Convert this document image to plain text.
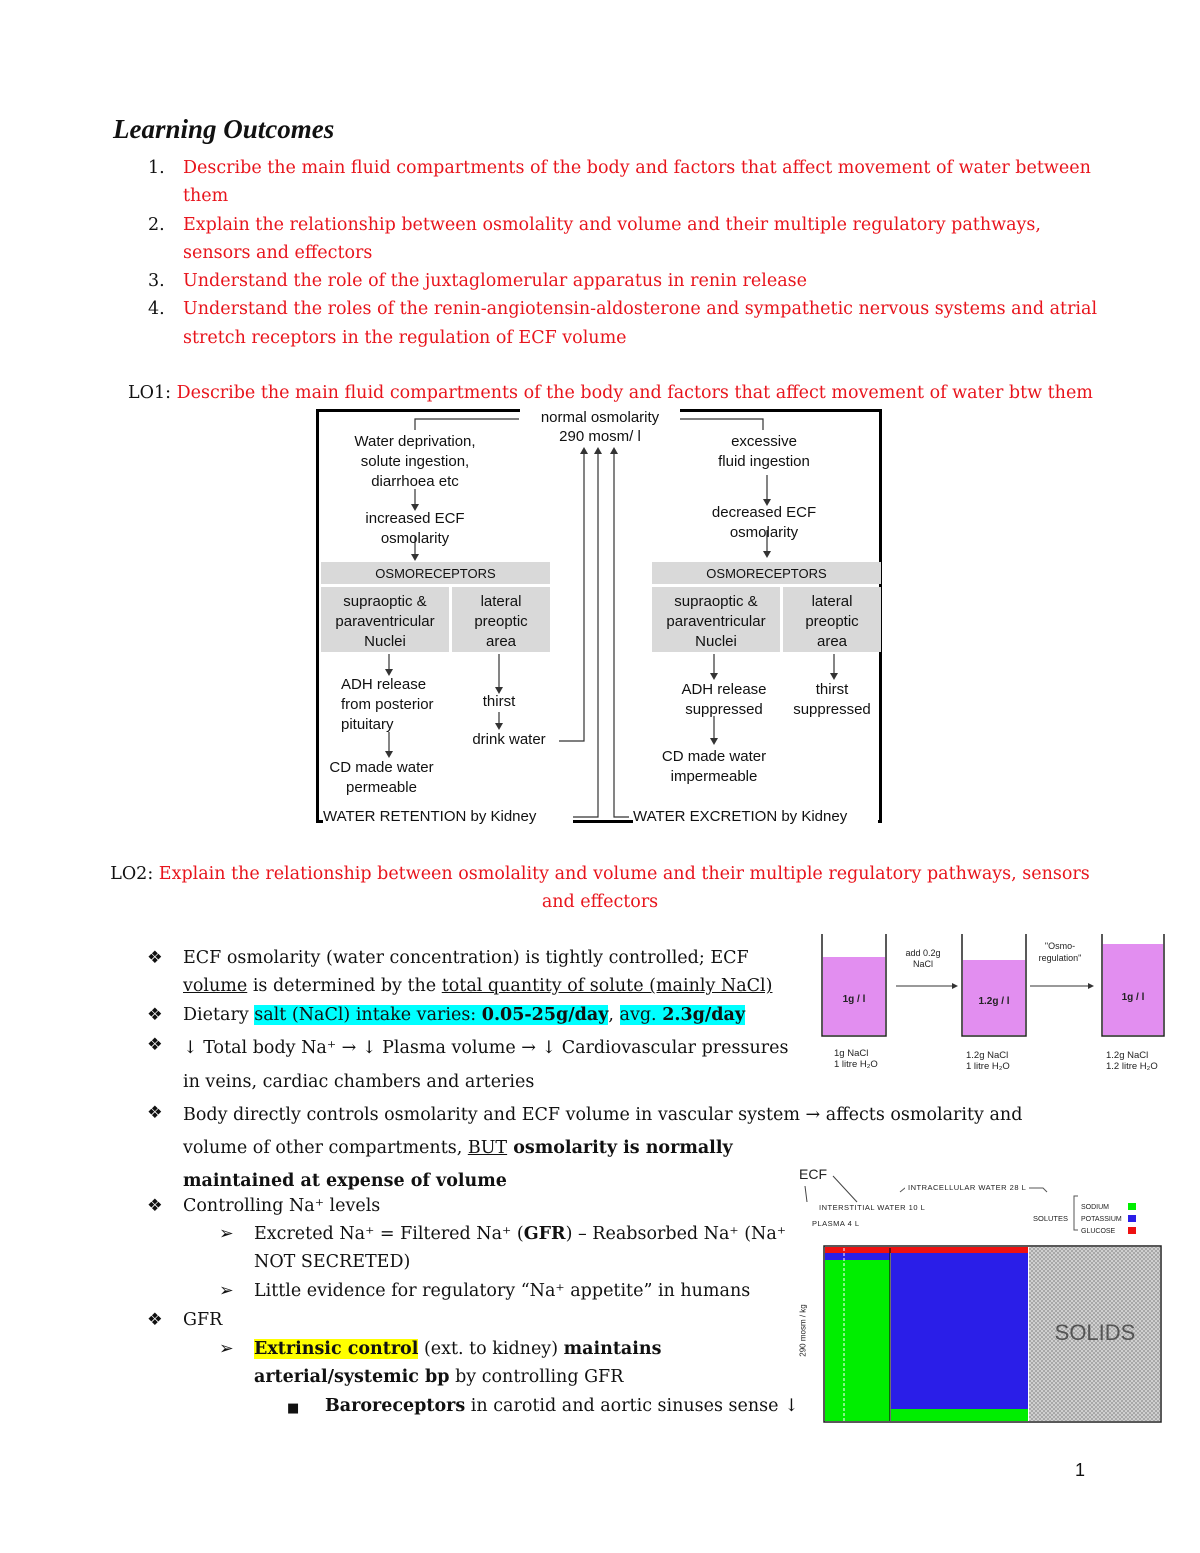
Learning Outcomes
1. Describe the main fluid compartments of the body and factors that affect movement of water between them
2. Explain the relationship between osmolality and volume and their multiple regulatory pathways, sensors and effectors
3. Understand the role of the juxtaglomerular apparatus in renin release
4. Understand the roles of the renin-angiotensin-aldosterone and sympathetic nervous systems and atrial stretch receptors in the regulation of ECF volume
LO1: Describe the main fluid compartments of the body and factors that affect movement of water btw them
normal osmolarity
290 mosm/ l
Water deprivation,
solute ingestion,
diarrhoea etc
increased ECF
osmolarity
OSMORECEPTORS
supraoptic &
paraventricular
Nuclei
lateral
preoptic
area
ADH release
from posterior
pituitary
thirst
drink water
CD made water
permeable
WATER RETENTION by Kidney
excessive
fluid ingestion
decreased ECF
osmolarity
OSMORECEPTORS
supraoptic &
paraventricular
Nuclei
lateral
preoptic
area
ADH release
suppressed
thirst
suppressed
CD made water
impermeable
WATER EXCRETION by Kidney
LO2: Explain the relationship between osmolality and volume and their multiple regulatory pathways, sensors
and effectors
❖ ECF osmolarity (water concentration) is tightly controlled; ECF
volume is determined by the total quantity of solute (mainly NaCl)
❖ Dietary salt (NaCl) intake varies: 0.05-25g/day, avg. 2.3g/day
❖ ↓ Total body Na⁺ → ↓ Plasma volume → ↓ Cardiovascular pressures
in veins, cardiac chambers and arteries
❖ Body directly controls osmolarity and ECF volume in vascular system → affects osmolarity and
volume of other compartments, BUT osmolarity is normally
maintained at expense of volume
❖ Controlling Na⁺ levels
➢ Excreted Na⁺ = Filtered Na⁺ (GFR) – Reabsorbed Na⁺ (Na⁺
NOT SECRETED)
➢ Little evidence for regulatory “Na⁺ appetite” in humans
❖ GFR
➢ Extrinsic control (ext. to kidney) maintains
arterial/systemic bp by controlling GFR
■ Baroreceptors in carotid and aortic sinuses sense ↓
add 0.2g
NaCl
"Osmo-
regulation"
1g / l	1.2g / l	1g / l
1g NaCl
1 litre H₂O
1.2g NaCl
1 litre H₂O
1.2g NaCl
1.2 litre H₂O
ECF
INTRACELLULAR WATER 28 L
INTERSTITIAL WATER 10 L
PLASMA 4 L
SOLUTES
SODIUM
POTASSIUM
GLUCOSE
290 mosm / kg	SOLIDS
1
